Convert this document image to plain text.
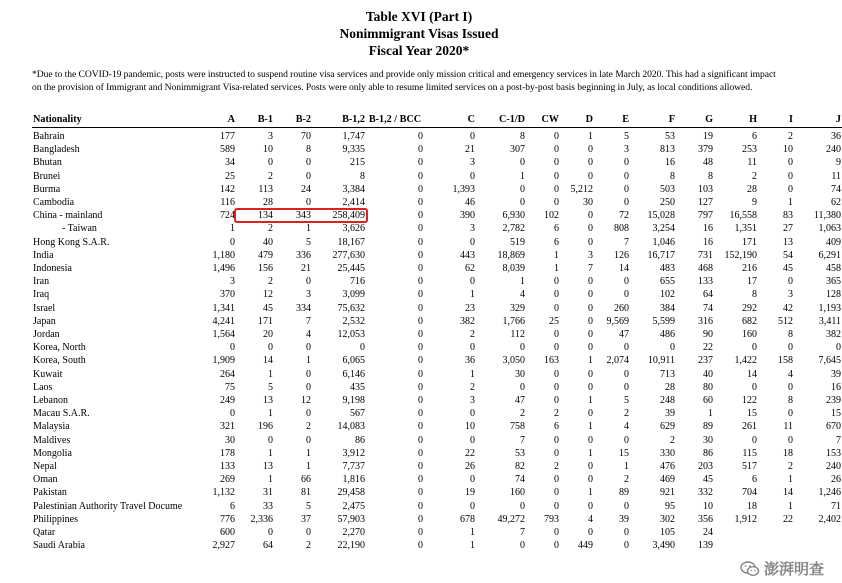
Table XVI (Part I)
Nonimmigrant Visas Issued
Fiscal Year 2020*
*Due to the COVID-19 pandemic, posts were instructed to suspend routine visa services and provide only mission critical and emergency services in late March 2020. This had a significant impact
on the provision of Immigrant and Nonimmigrant Visa-related services. Posts were only able to resume limited services on a post-by-post basis beginning in July, as local conditions allowed.
Nationality	A	B-1	B-2	B-1,2	B-1,2 / BCC	C	C-1/D	CW	D	E	F	G	H	I	J
Bahrain	177	3	70	1,747	0	0	8	0	1	5	53	19	6	2	36
Bangladesh	589	10	8	9,335	0	21	307	0	0	3	813	379	253	10	240
Bhutan	34	0	0	215	0	3	0	0	0	0	16	48	11	0	9
Brunei	25	2	0	8	0	0	1	0	0	0	8	8	2	0	11
Burma	142	113	24	3,384	0	1,393	0	0	5,212	0	503	103	28	0	74
Cambodia	116	28	0	2,414	0	46	0	0	30	0	250	127	9	1	62
China - mainland	724	134	343	258,409	0	390	6,930	102	0	72	15,028	797	16,558	83	11,380
- Taiwan	1	2	1	3,626	0	3	2,782	6	0	808	3,254	16	1,351	27	1,063
Hong Kong S.A.R.	0	40	5	18,167	0	0	519	6	0	7	1,046	16	171	13	409
India	1,180	479	336	277,630	0	443	18,869	1	3	126	16,717	731	152,190	54	6,291
Indonesia	1,496	156	21	25,445	0	62	8,039	1	7	14	483	468	216	45	458
Iran	3	2	0	716	0	0	1	0	0	0	655	133	17	0	365
Iraq	370	12	3	3,099	0	1	4	0	0	0	102	64	8	3	128
Israel	1,341	45	334	75,632	0	23	329	0	0	260	384	74	292	42	1,193
Japan	4,241	171	7	2,532	0	382	1,766	25	0	9,569	5,599	316	682	512	3,411
Jordan	1,564	20	4	12,053	0	2	112	0	0	47	486	90	160	8	382
Korea, North	0	0	0	0	0	0	0	0	0	0	0	22	0	0	0
Korea, South	1,909	14	1	6,065	0	36	3,050	163	1	2,074	10,911	237	1,422	158	7,645
Kuwait	264	1	0	6,146	0	1	30	0	0	0	713	40	14	4	39
Laos	75	5	0	435	0	2	0	0	0	0	28	80	0	0	16
Lebanon	249	13	12	9,198	0	3	47	0	1	5	248	60	122	8	239
Macau S.A.R.	0	1	0	567	0	0	2	2	0	2	39	1	15	0	15
Malaysia	321	196	2	14,083	0	10	758	6	1	4	629	89	261	11	670
Maldives	30	0	0	86	0	0	7	0	0	0	2	30	0	0	7
Mongolia	178	1	1	3,912	0	22	53	0	1	15	330	86	115	18	153
Nepal	133	13	1	7,737	0	26	82	2	0	1	476	203	517	2	240
Oman	269	1	66	1,816	0	0	74	0	0	2	469	45	6	1	26
Pakistan	1,132	31	81	29,458	0	19	160	0	1	89	921	332	704	14	1,246
Palestinian Authority Travel Docume	6	33	5	2,475	0	0	0	0	0	0	95	10	18	1	71
Philippines	776	2,336	37	57,903	0	678	49,272	793	4	39	302	356	1,912	22	2,402
Qatar	600	0	0	2,270	0	1	7	0	0	0	105	24			
Saudi Arabia	2,927	64	2	22,190	0	1	0	0	449	0	3,490	139			
澎湃明查
